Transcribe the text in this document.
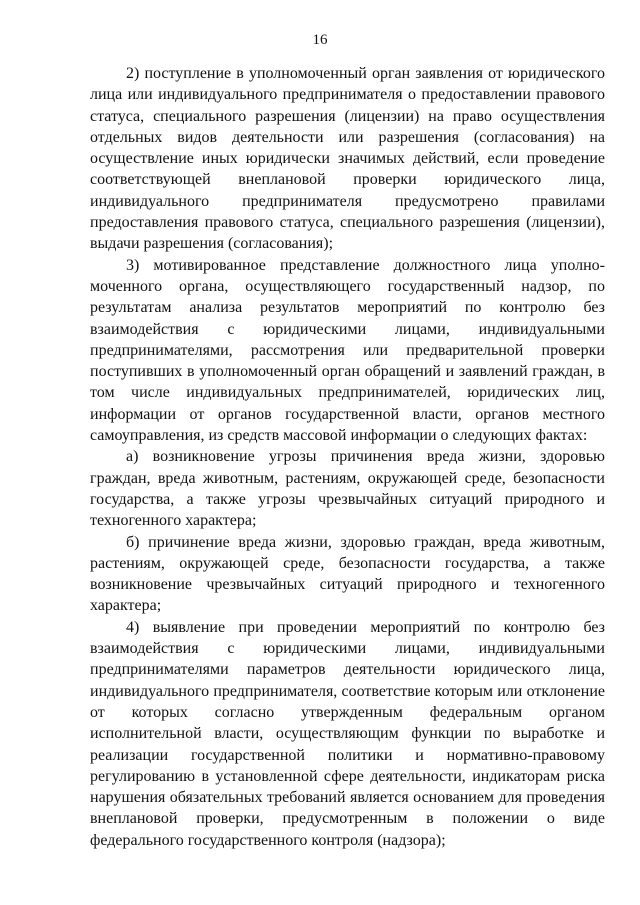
16

2) поступление в уполномоченный орган заявления от юридического лица или индивидуального предпринимателя о предоставлении правового статуса, специального разрешения (лицензии) на право осуществления отдельных видов деятельности или разрешения (согласования) на осуществление иных юридически значимых действий, если проведение соответствующей внеплановой проверки юридического лица, индивидуального предпринимателя предусмотрено правилами предоставления правового статуса, специального разрешения (лицензии), выдачи разрешения (согласования);

3) мотивированное представление должностного лица уполномоченного органа, осуществляющего государственный надзор, по результатам анализа результатов мероприятий по контролю без взаимодействия с юридическими лицами, индивидуальными предпринимателями, рассмотрения или предварительной проверки поступивших в уполномоченный орган обращений и заявлений граждан, в том числе индивидуальных предпринимателей, юридических лиц, информации от органов государственной власти, органов местного самоуправления, из средств массовой информации о следующих фактах:

а) возникновение угрозы причинения вреда жизни, здоровью граждан, вреда животным, растениям, окружающей среде, безопасности государства, а также угрозы чрезвычайных ситуаций природного и техногенного характера;

б) причинение вреда жизни, здоровью граждан, вреда животным, растениям, окружающей среде, безопасности государства, а также возникновение чрезвычайных ситуаций природного и техногенного характера;

4) выявление при проведении мероприятий по контролю без взаимодействия с юридическими лицами, индивидуальными предпринимателями параметров деятельности юридического лица, индивидуального предпринимателя, соответствие которым или отклонение от которых согласно утвержденным федеральным органом исполнительной власти, осуществляющим функции по выработке и реализации государственной политики и нормативно-правовому регулированию в установленной сфере деятельности, индикаторам риска нарушения обязательных требований является основанием для проведения внеплановой проверки, предусмотренным в положении о виде федерального государственного контроля (надзора);
